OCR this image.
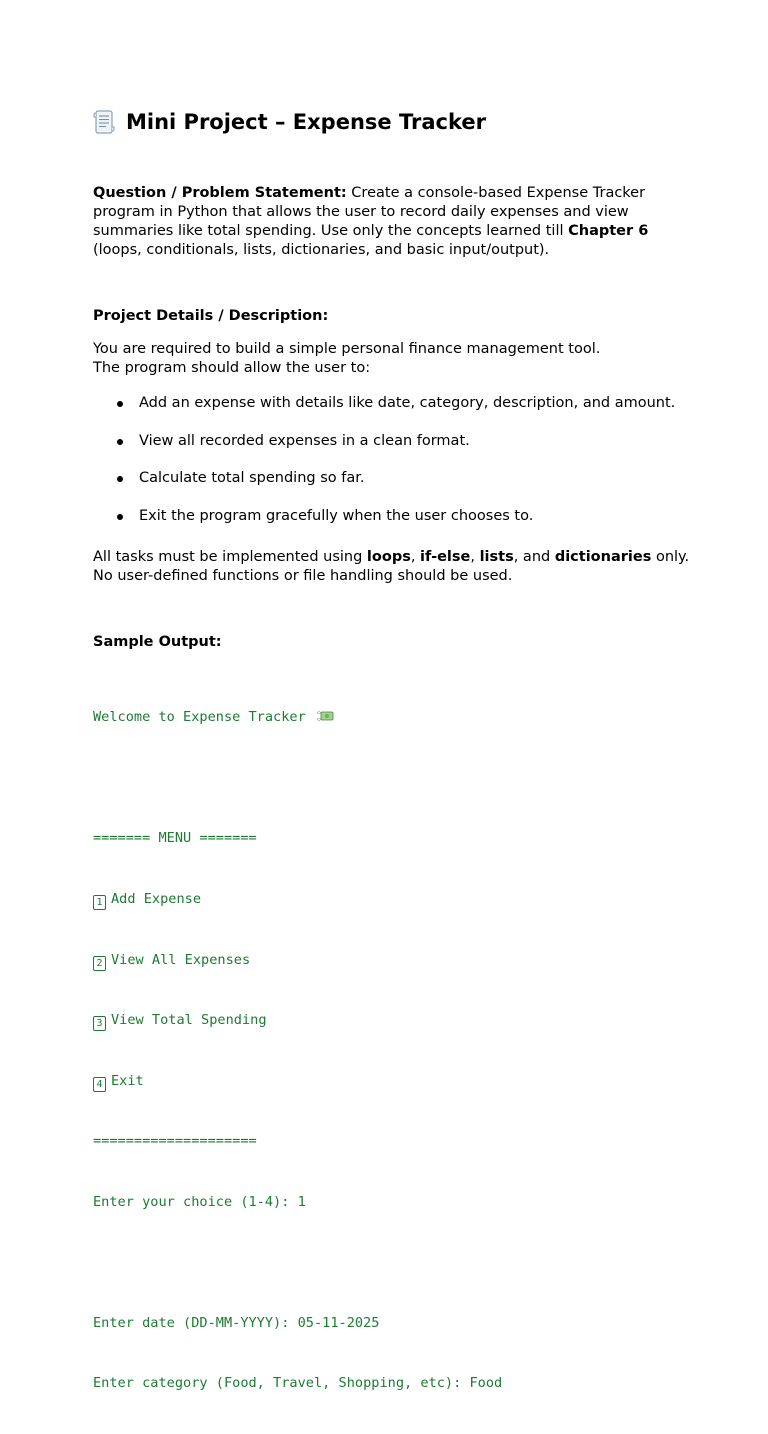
Mini Project – Expense Tracker

Question / Problem Statement: Create a console-based Expense Tracker program in Python that allows the user to record daily expenses and view summaries like total spending. Use only the concepts learned till Chapter 6 (loops, conditionals, lists, dictionaries, and basic input/output).

Project Details / Description:

You are required to build a simple personal finance management tool.
The program should allow the user to:

Add an expense with details like date, category, description, and amount.
View all recorded expenses in a clean format.
Calculate total spending so far.
Exit the program gracefully when the user chooses to.

All tasks must be implemented using loops, if-else, lists, and dictionaries only. No user-defined functions or file handling should be used.

Sample Output:

Welcome to Expense Tracker

======= MENU =======

1 Add Expense

2 View All Expenses

3 View Total Spending

4 Exit

====================

Enter your choice (1-4): 1

Enter date (DD-MM-YYYY): 05-11-2025

Enter category (Food, Travel, Shopping, etc): Food
